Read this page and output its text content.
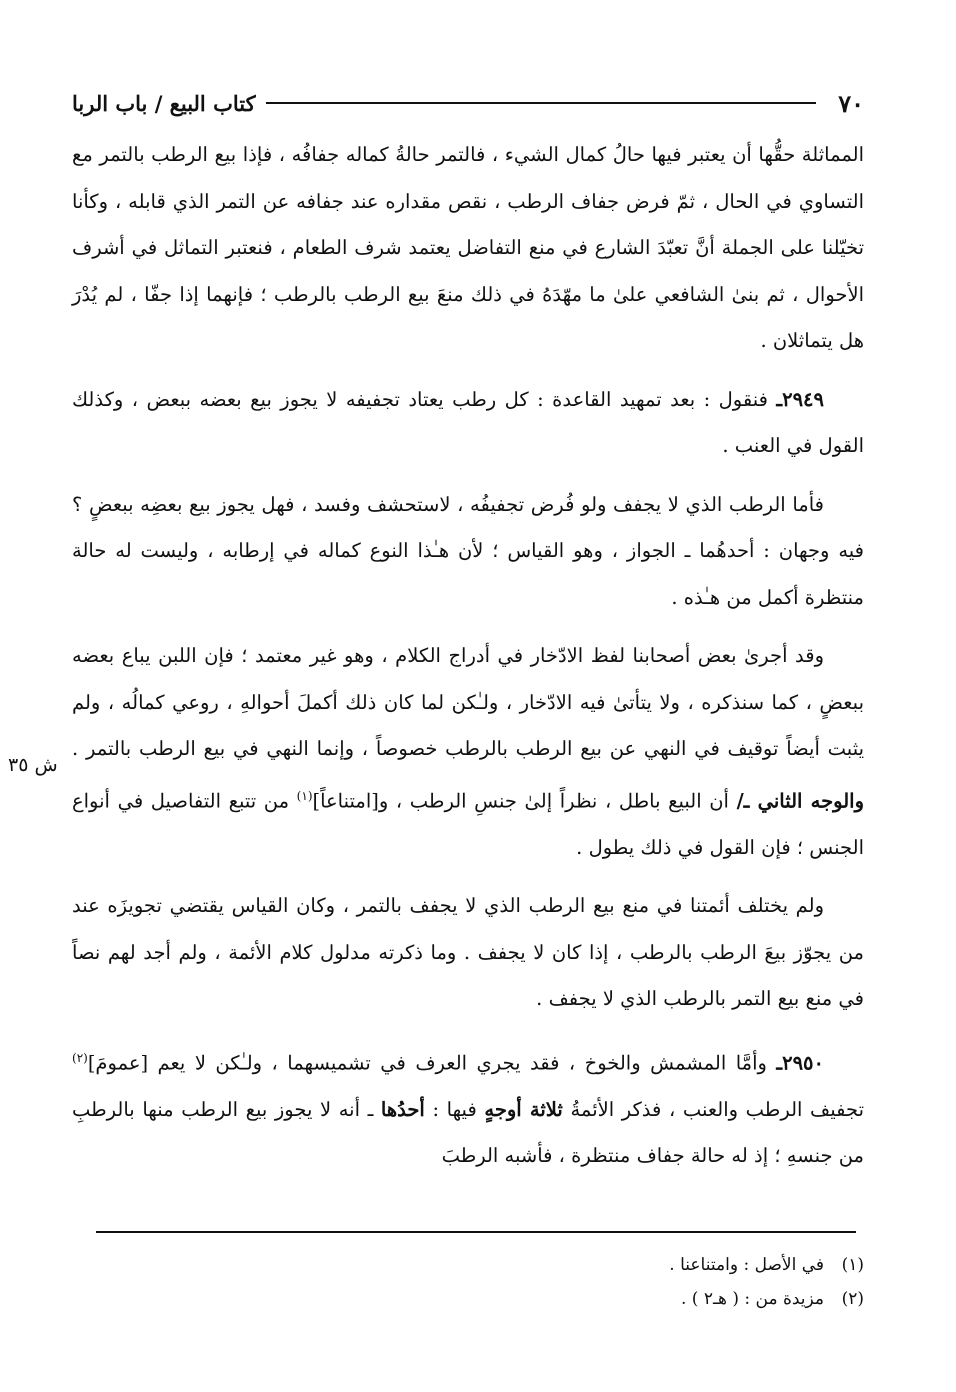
٧٠
كتاب البيع / باب الربا

المماثلة حقُّها أن يعتبر فيها حالُ كمال الشيء ، فالتمر حالةُ كماله جفافُه ، فإذا بيع الرطب بالتمر مع التساوي في الحال ، ثمّ فرض جفاف الرطب ، نقص مقداره عند جفافه عن التمر الذي قابله ، وكأنا تخيّلنا على الجملة أنَّ تعبّدَ الشارع في منع التفاضل يعتمد شرف الطعام ، فنعتبر التماثل في أشرف الأحوال ، ثم بنىٰ الشافعي علىٰ ما مهّدَهُ في ذلك منعَ بيع الرطب بالرطب ؛ فإنهما إذا جفّا ، لم يُدْرَ هل يتماثلان .

٢٩٤٩ـ فنقول : بعد تمهيد القاعدة : كل رطب يعتاد تجفيفه لا يجوز بيع بعضه ببعض ، وكذلك القول في العنب .

فأما الرطب الذي لا يجفف ولو فُرض تجفيفُه ، لاستحشف وفسد ، فهل يجوز بيع بعضِه ببعضٍ ؟ فيه وجهان : أحدهُما ـ الجواز ، وهو القياس ؛ لأن هـٰذا النوع كماله في إرطابه ، وليست له حالة منتظرة أكمل من هـٰذه .

وقد أجرىٰ بعض أصحابنا لفظ الادّخار في أدراج الكلام ، وهو غير معتمد ؛ فإن اللبن يباع بعضه ببعضٍ ، كما سنذكره ، ولا يتأتىٰ فيه الادّخار ، ولـٰكن لما كان ذلك أكملَ أحوالهِ ، روعي كمالُه ، ولم يثبت أيضاً توقيف في النهي عن بيع الرطب بالرطب خصوصاً ، وإنما النهي في بيع الرطب بالتمر . والوجه الثاني ـ/ أن البيع باطل ، نظراً إلىٰ جنسِ الرطب ، و[امتناعاً]$^{(١)}$ من تتبع التفاصيل في أنواع الجنس ؛ فإن القول في ذلك يطول .

ولم يختلف أئمتنا في منع بيع الرطب الذي لا يجفف بالتمر ، وكان القياس يقتضي تجويزَه عند من يجوّز بيعَ الرطب بالرطب ، إذا كان لا يجفف . وما ذكرته مدلول كلام الأئمة ، ولم أجد لهم نصاً في منع بيع التمر بالرطب الذي لا يجفف .

٢٩٥٠ـ وأمَّا المشمش والخوخ ، فقد يجري العرف في تشميسهما ، ولـٰكن لا يعم [عمومَ]$^{(٢)}$ تجفيف الرطب والعنب ، فذكر الأئمةُ ثلاثة أوجهٍ فيها : أحدُها ـ أنه لا يجوز بيع الرطب منها بالرطبِ من جنسهِ ؛ إذ له حالة جفاف منتظرة ، فأشبه الرطبَ

ش ٣٥
(١)في الأصل : وامتناعنا .
(٢)مزيدة من : ( هـ٢ ) .
